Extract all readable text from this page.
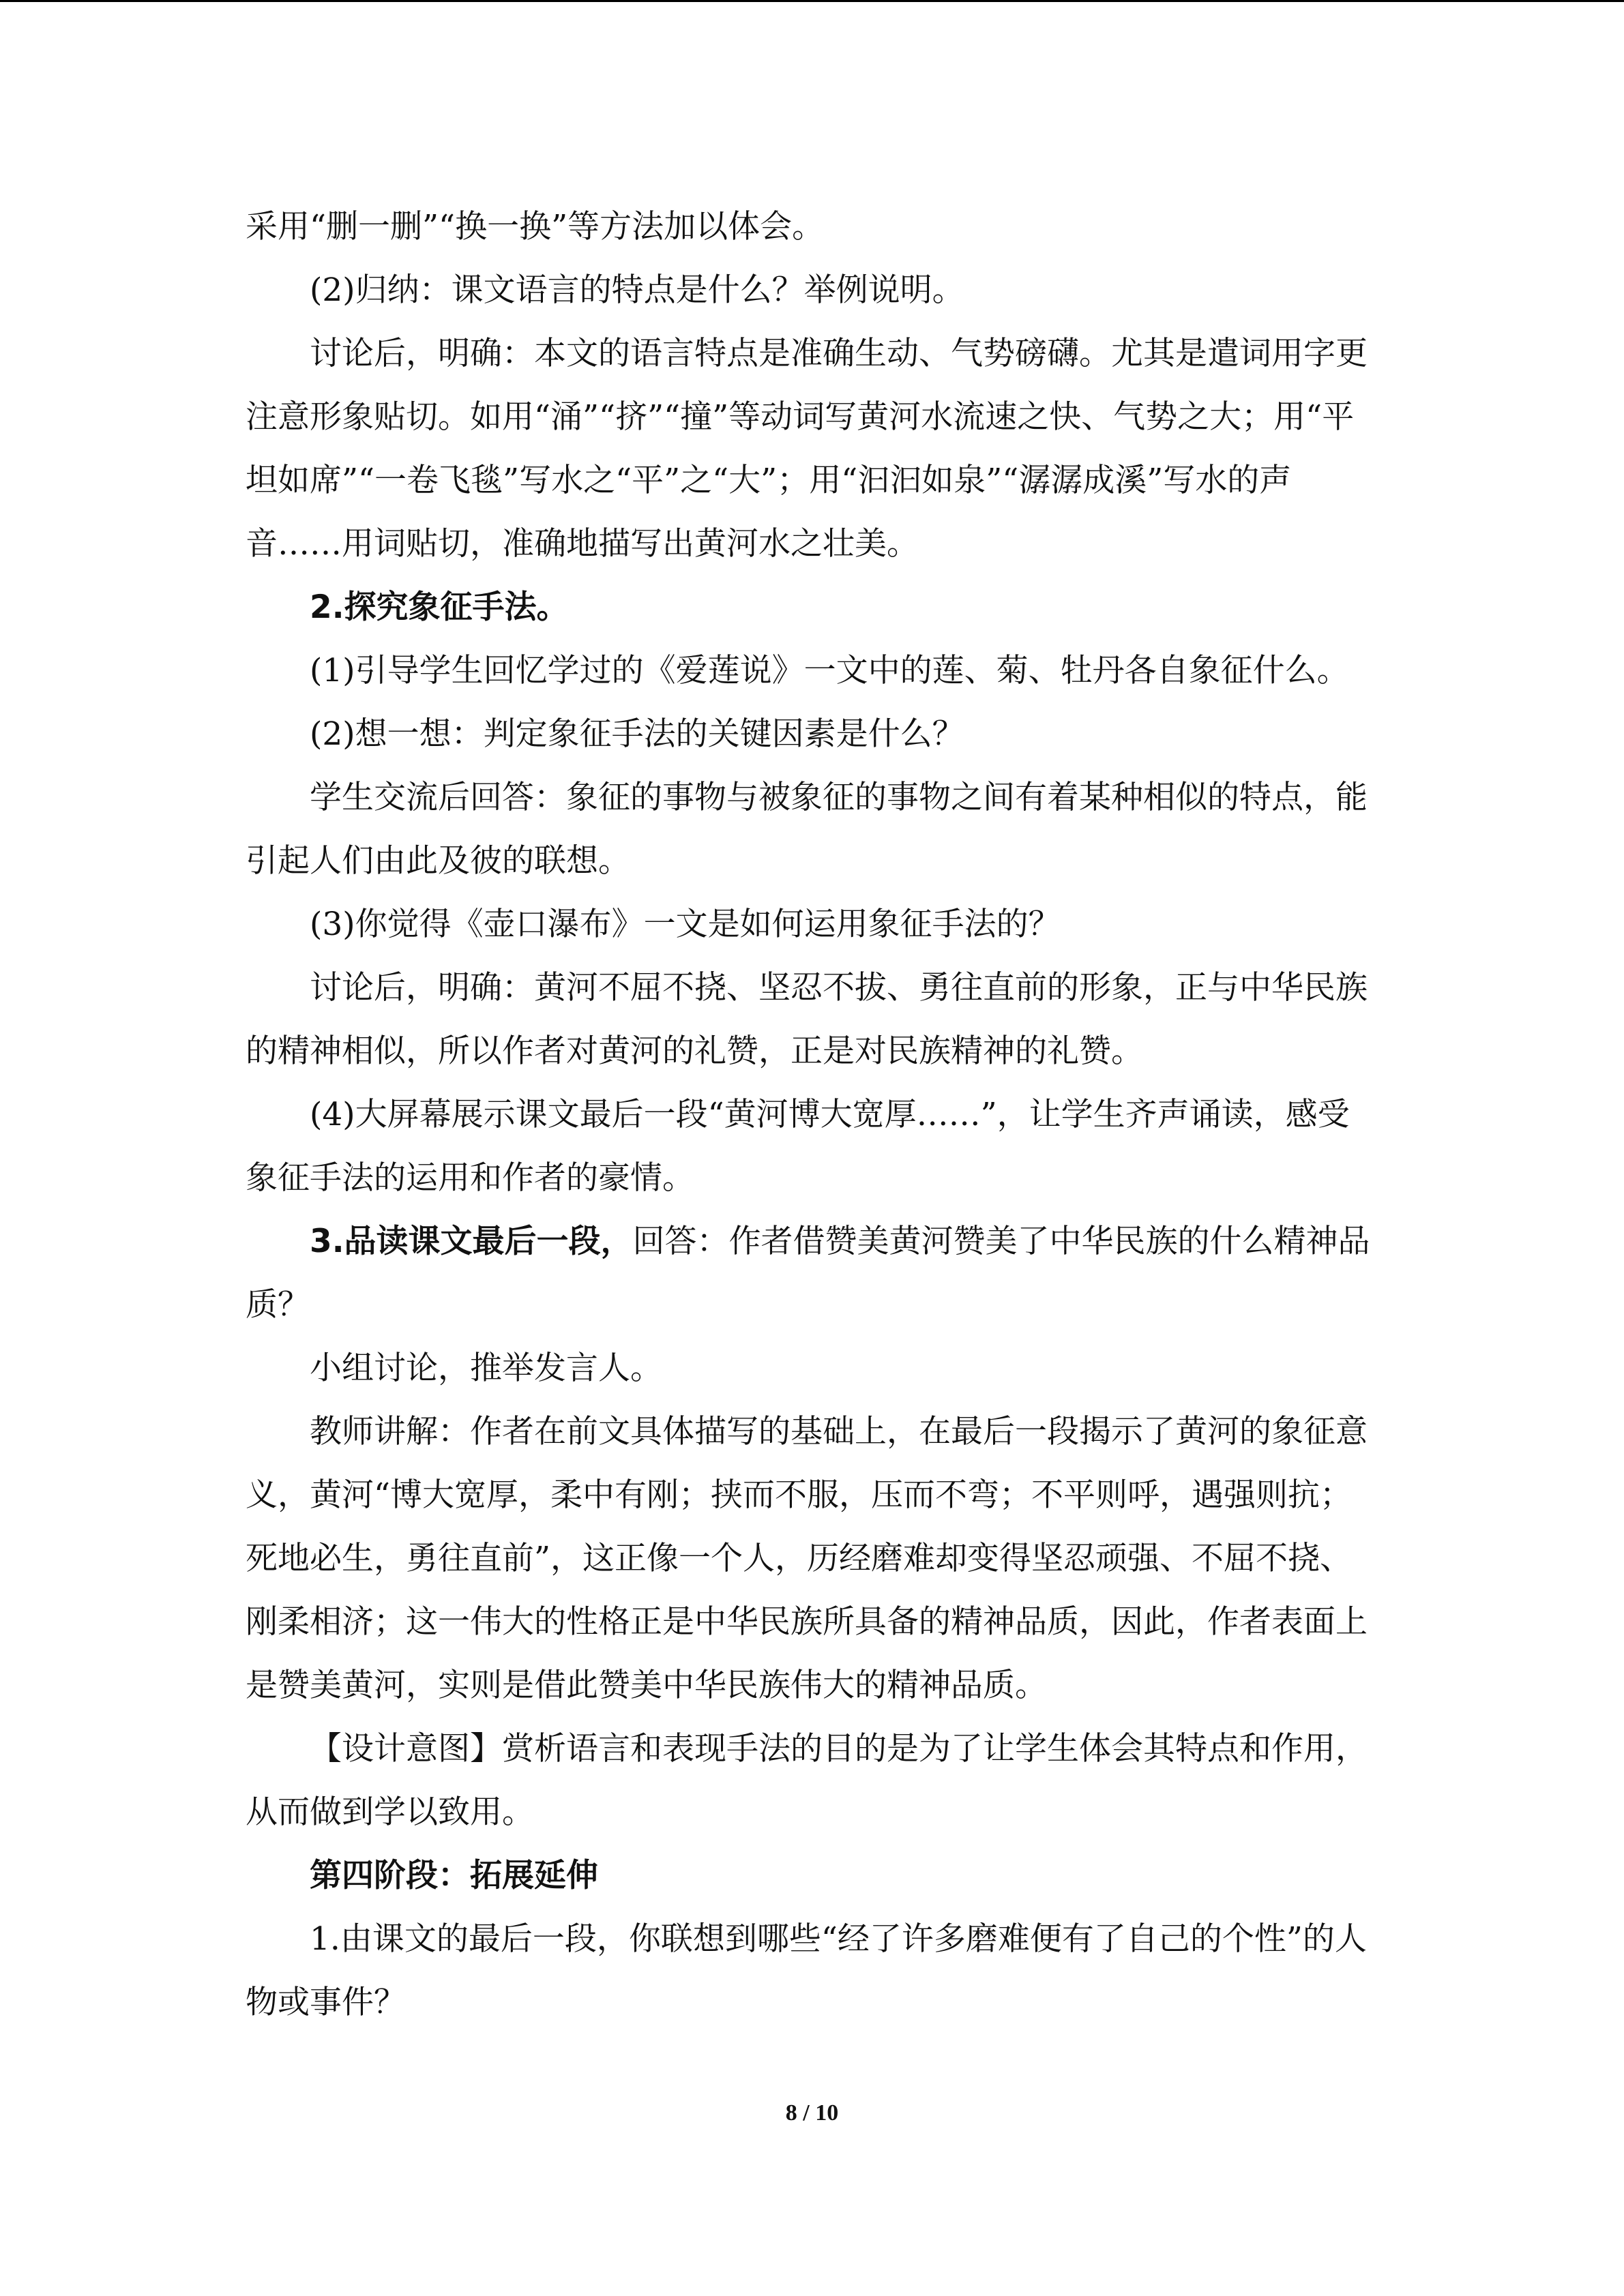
采用“删一删”“换一换”等方法加以体会。

(2)归纳：课文语言的特点是什么？举例说明。

讨论后，明确：本文的语言特点是准确生动、气势磅礴。尤其是遣词用字更注意形象贴切。如用“涌”“挤”“撞”等动词写黄河水流速之快、气势之大；用“平坦如席”“一卷飞毯”写水之“平”之“大”；用“汩汩如泉”“潺潺成溪”写水的声音……用词贴切，准确地描写出黄河水之壮美。

2.探究象征手法。

(1)引导学生回忆学过的《爱莲说》一文中的莲、菊、牡丹各自象征什么。

(2)想一想：判定象征手法的关键因素是什么？

学生交流后回答：象征的事物与被象征的事物之间有着某种相似的特点，能引起人们由此及彼的联想。

(3)你觉得《壶口瀑布》一文是如何运用象征手法的？

讨论后，明确：黄河不屈不挠、坚忍不拔、勇往直前的形象，正与中华民族的精神相似，所以作者对黄河的礼赞，正是对民族精神的礼赞。

(4)大屏幕展示课文最后一段“黄河博大宽厚……”，让学生齐声诵读，感受象征手法的运用和作者的豪情。

3.品读课文最后一段，回答：作者借赞美黄河赞美了中华民族的什么精神品质？

小组讨论，推举发言人。

教师讲解：作者在前文具体描写的基础上，在最后一段揭示了黄河的象征意义，黄河“博大宽厚，柔中有刚；挟而不服，压而不弯；不平则呼，遇强则抗；死地必生，勇往直前”，这正像一个人，历经磨难却变得坚忍顽强、不屈不挠、刚柔相济；这一伟大的性格正是中华民族所具备的精神品质，因此，作者表面上是赞美黄河，实则是借此赞美中华民族伟大的精神品质。

【设计意图】赏析语言和表现手法的目的是为了让学生体会其特点和作用，从而做到学以致用。

第四阶段：拓展延伸

1.由课文的最后一段，你联想到哪些“经了许多磨难便有了自己的个性”的人物或事件？

8 / 10
